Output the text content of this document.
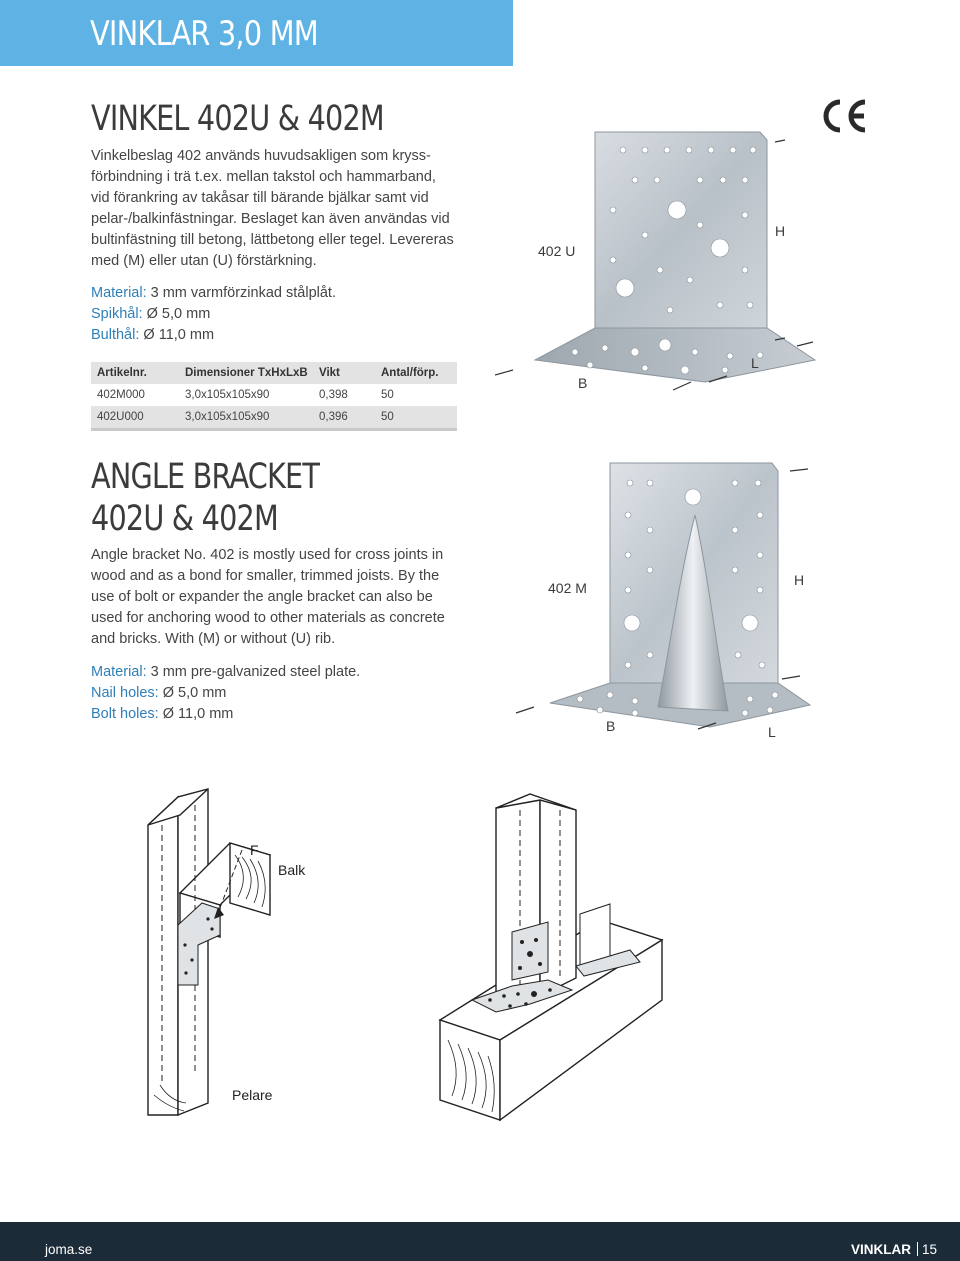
VINKLAR 3,0 MM
VINKEL 402U & 402M
Vinkelbeslag 402 används huvudsakligen som kryss-
förbindning i trä t.ex. mellan takstol och hammarband,
vid förankring av takåsar till bärande bjälkar samt vid
pelar-/balkinfästningar. Beslaget kan även användas vid
bultinfästning till betong, lättbetong eller tegel. Levereras
med (M) eller utan (U) förstärkning.
Material: 3 mm varmförzinkad stålplåt.
Spikhål: Ø 5,0 mm
Bulthål: Ø 11,0 mm
Artikelnr.	Dimensioner TxHxLxB	Vikt	Antal/förp.
402M000	3,0x105x105x90	0,398	50
402U000	3,0x105x105x90	0,396	50
ANGLE BRACKET
402U & 402M
Angle bracket No. 402 is mostly used for cross joints in
wood and as a bond for smaller, trimmed joists. By the
use of bolt or expander the angle bracket can also be
used for anchoring wood to other materials as concrete
and bricks. With (M) or without (U) rib.
Material: 3 mm pre-galvanized steel plate.
Nail holes: Ø 5,0 mm
Bolt holes: Ø 11,0 mm
402 U
H
L
B
402 M	H
L
B
F
Balk
Pelare
joma.se	VINKLAR 15
